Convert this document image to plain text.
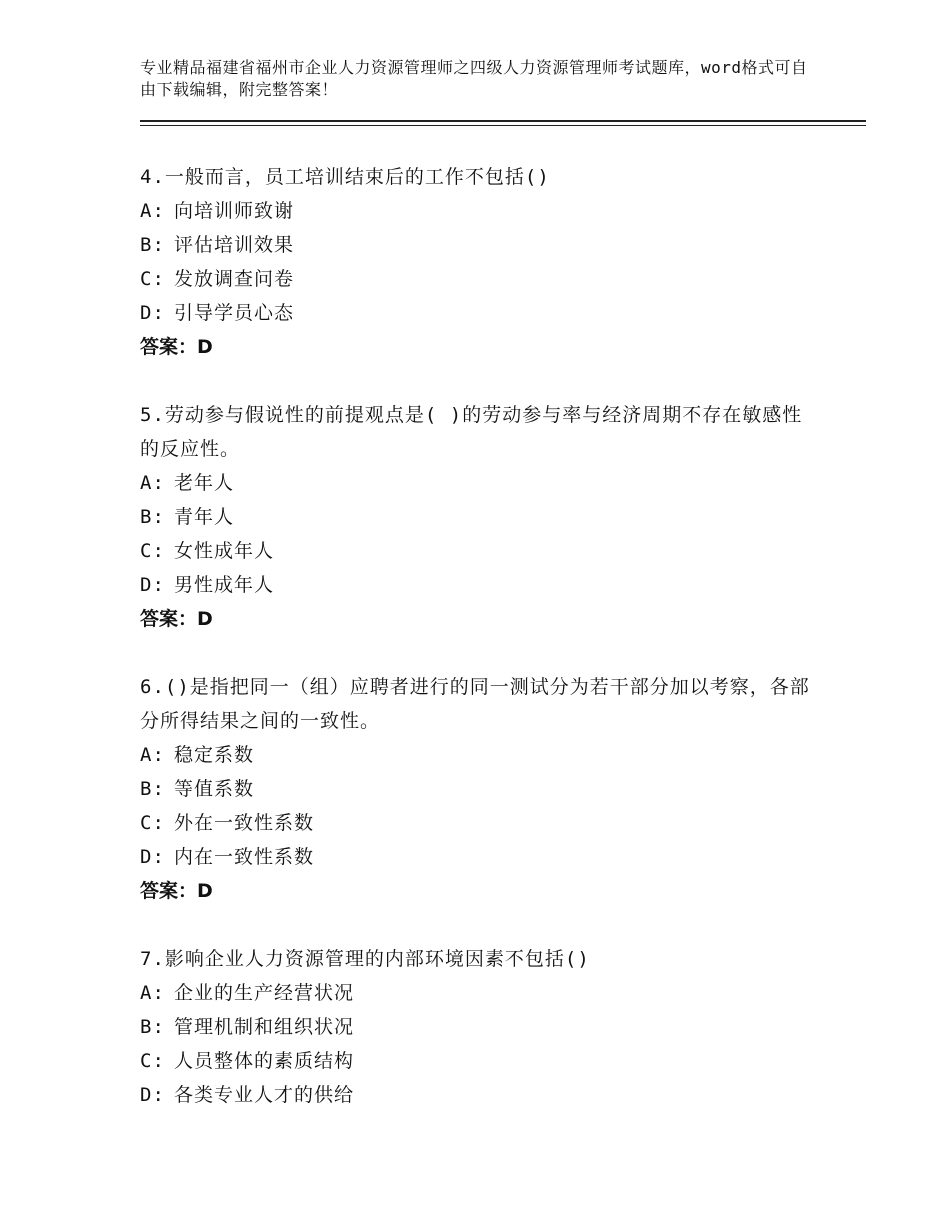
专业精品福建省福州市企业人力资源管理师之四级人力资源管理师考试题库，word格式可自由下载编辑，附完整答案！
4.一般而言，员工培训结束后的工作不包括()
A: 向培训师致谢
B: 评估培训效果
C: 发放调查问卷
D: 引导学员心态
答案：D
5.劳动参与假说性的前提观点是( )的劳动参与率与经济周期不存在敏感性的反应性。
A: 老年人
B: 青年人
C: 女性成年人
D: 男性成年人
答案：D
6.()是指把同一（组）应聘者进行的同一测试分为若干部分加以考察，各部分所得结果之间的一致性。
A: 稳定系数
B: 等值系数
C: 外在一致性系数
D: 内在一致性系数
答案：D
7.影响企业人力资源管理的内部环境因素不包括()
A: 企业的生产经营状况
B: 管理机制和组织状况
C: 人员整体的素质结构
D: 各类专业人才的供给
